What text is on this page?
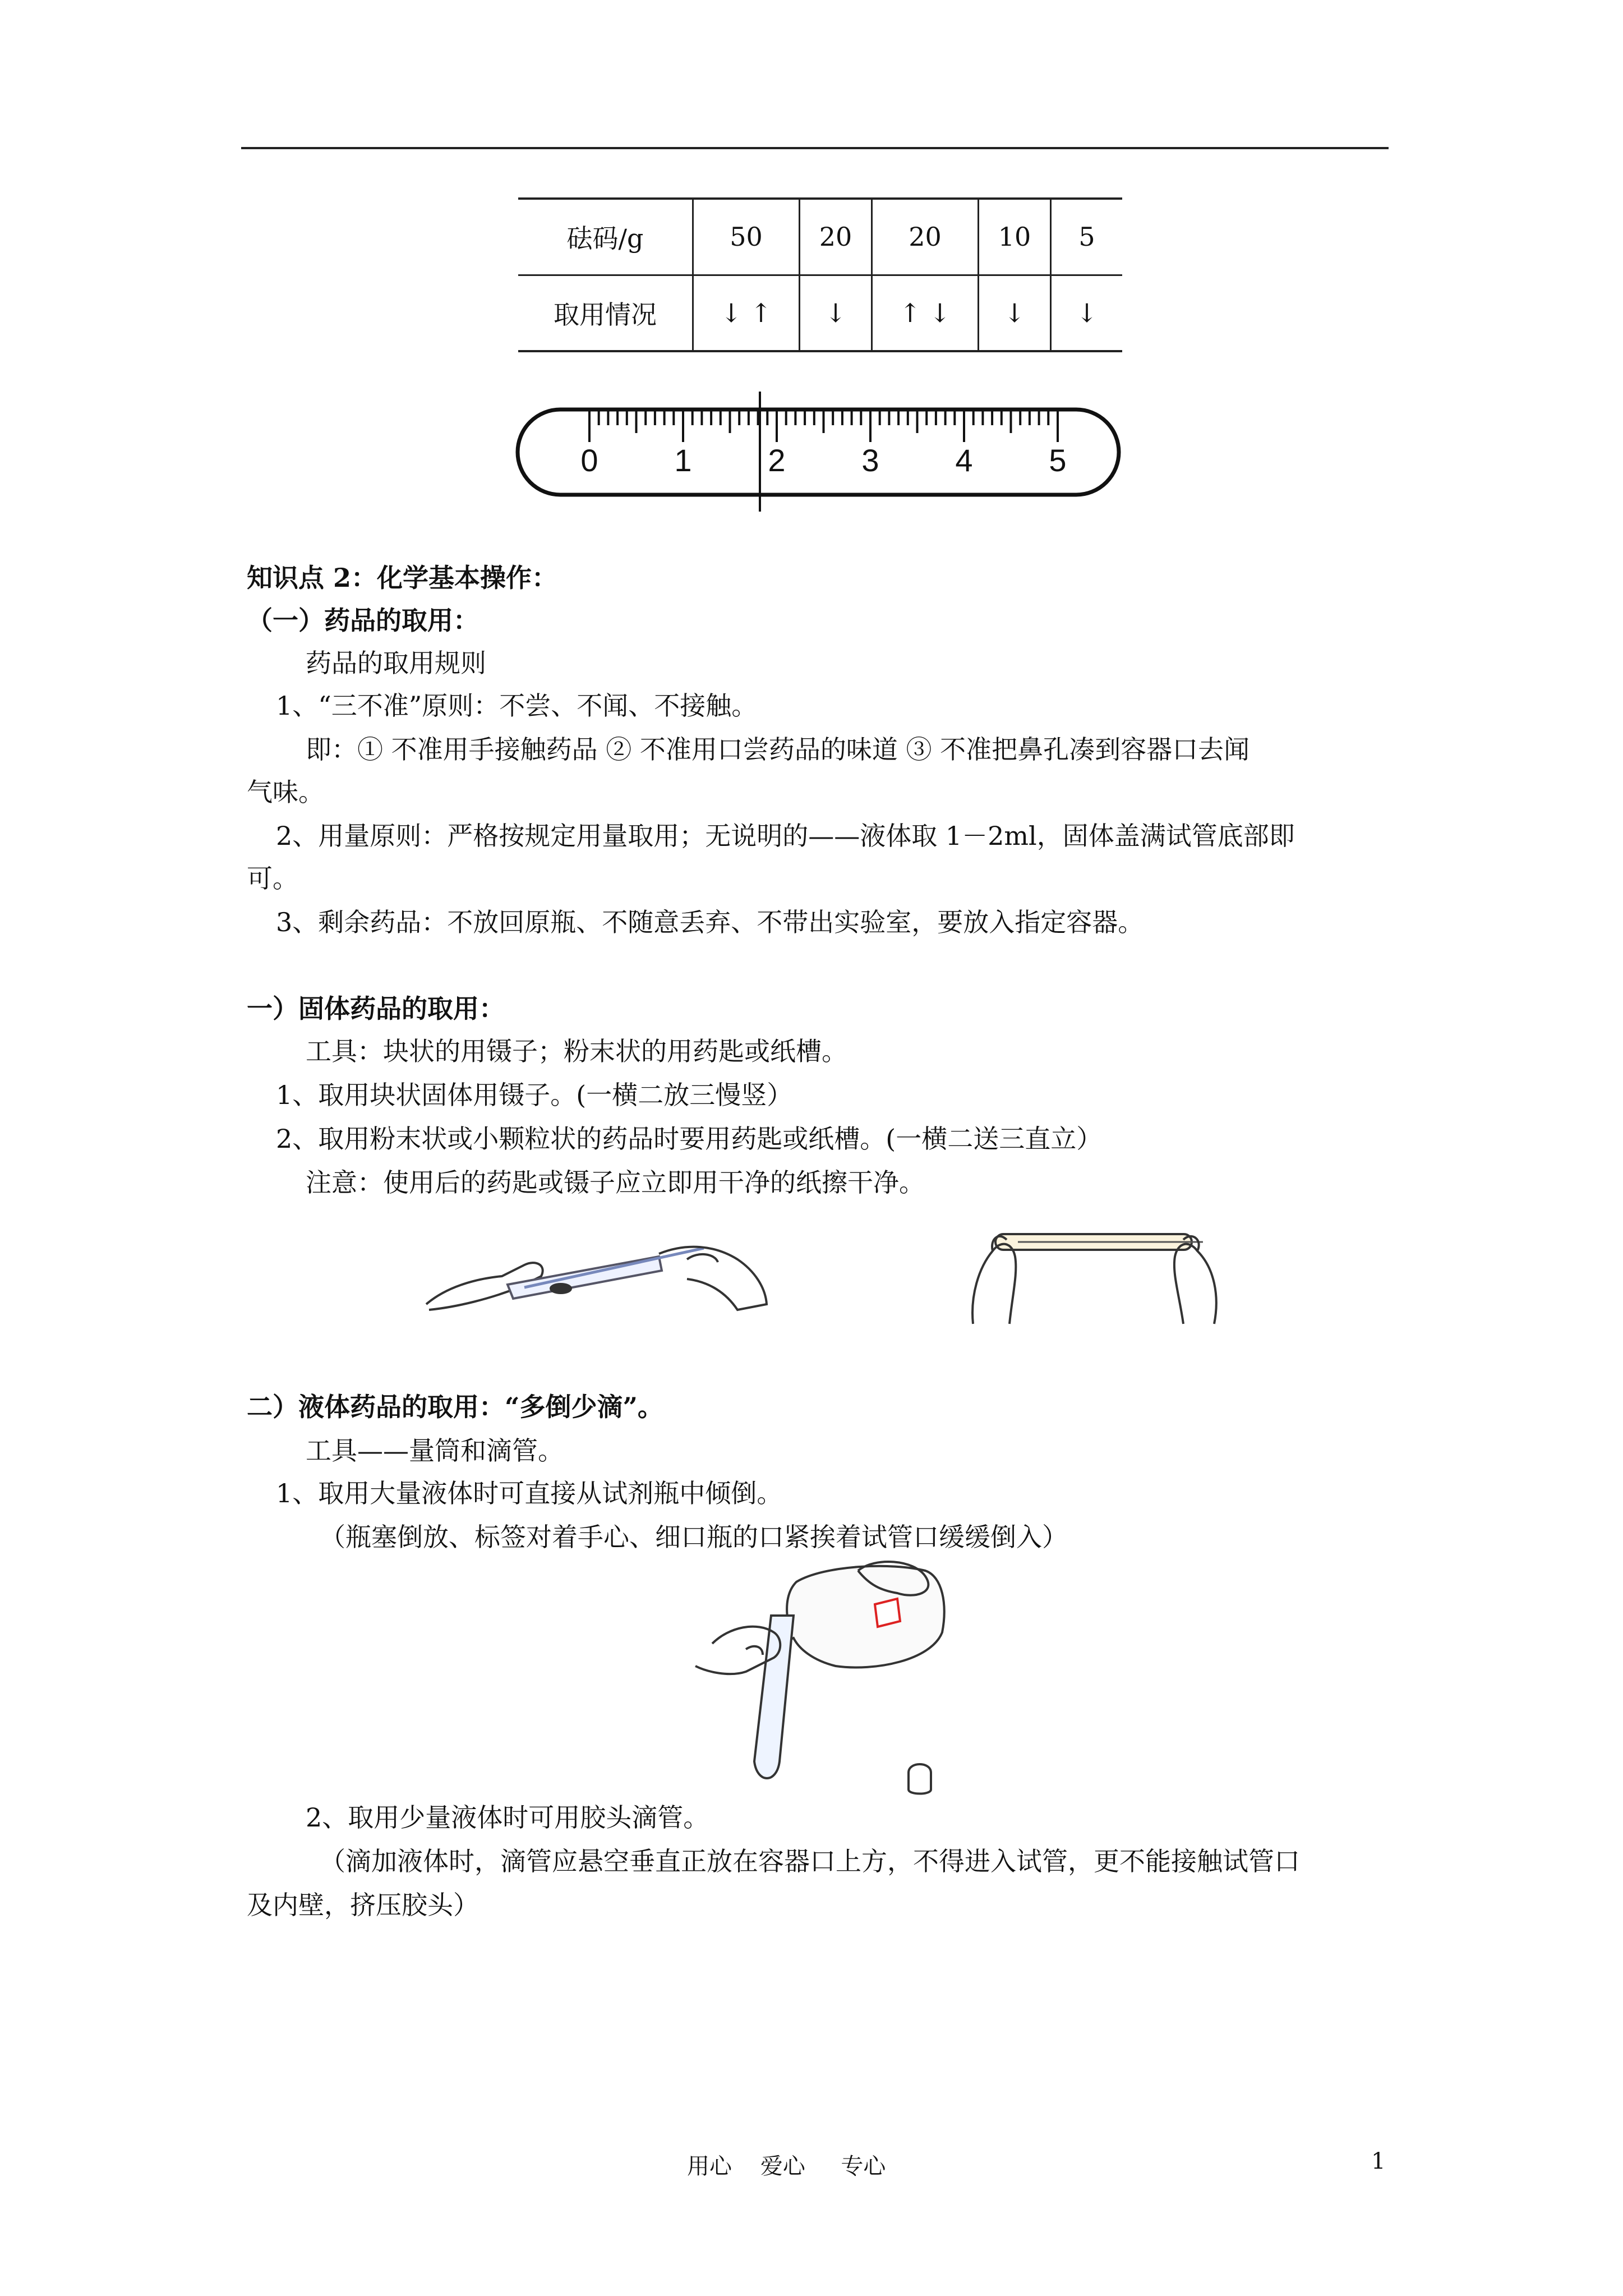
砝码/g	50	20	20	10	5
取用情况	↓ ↑	↓	↑ ↓	↓	↓
0 1 2 3 4 5
知识点 2：化学基本操作：
（一）药品的取用：
药品的取用规则
1、“三不准”原则：不尝、不闻、不接触。
即：① 不准用手接触药品 ② 不准用口尝药品的味道 ③ 不准把鼻孔凑到容器口去闻
气味。
2、用量原则：严格按规定用量取用；无说明的——液体取 1－2ml，固体盖满试管底部即
可。
3、剩余药品：不放回原瓶、不随意丢弃、不带出实验室，要放入指定容器。
一）固体药品的取用：
工具：块状的用镊子；粉末状的用药匙或纸槽。
1、取用块状固体用镊子。(一横二放三慢竖）
2、取用粉末状或小颗粒状的药品时要用药匙或纸槽。(一横二送三直立）
注意：使用后的药匙或镊子应立即用干净的纸擦干净。
二）液体药品的取用：“多倒少滴”。
工具——量筒和滴管。
1、取用大量液体时可直接从试剂瓶中倾倒。
（瓶塞倒放、标签对着手心、细口瓶的口紧挨着试管口缓缓倒入）
2、取用少量液体时可用胶头滴管。
（滴加液体时，滴管应悬空垂直正放在容器口上方，不得进入试管，更不能接触试管口
及内壁，挤压胶头）
用心    爱心     专心	1
